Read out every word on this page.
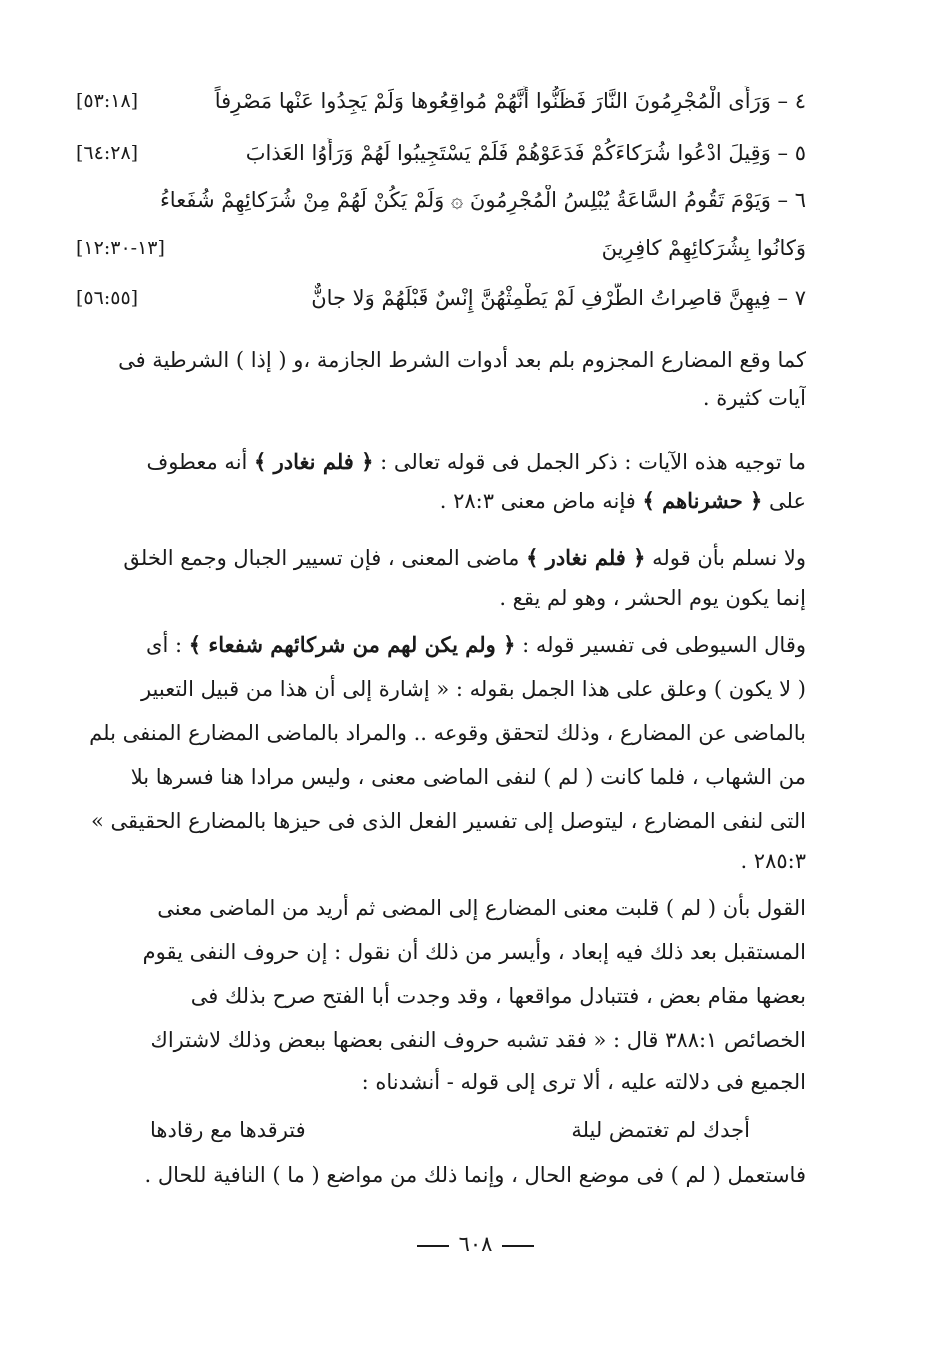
٤ – وَرَأَى الْمُجْرِمُونَ النَّارَ فَظَنُّوا أَنَّهُمْ مُواقِعُوها وَلَمْ يَجِدُوا عَنْها مَصْرِفاً
[٥٣:١٨]
٥ – وَقِيلَ ادْعُوا شُرَكاءَكُمْ فَدَعَوْهُمْ فَلَمْ يَسْتَجِيبُوا لَهُمْ وَرَأَوُا العَذابَ
[٦٤:٢٨]
٦ – وَيَوْمَ تَقُومُ السَّاعَةُ يُبْلِسُ الْمُجْرِمُونَ ۞ وَلَمْ يَكُنْ لَهُمْ مِنْ شُرَكائِهِمْ شُفَعاءُ
وَكانُوا بِشُرَكائِهِمْ كافِرِينَ
[١٣-١٢:٣٠]
٧ – فِيهِنَّ قاصِراتُ الطَّرْفِ لَمْ يَطْمِثْهُنَّ إِنْسٌ قَبْلَهُمْ وَلا جانٌّ
[٥٦:٥٥]
كما وقع المضارع المجزوم بلم بعد أدوات الشرط الجازمة ،و ( إذا ) الشرطية فى
آيات كثيرة .
ما توجيه هذه الآيات : ذكر الجمل فى قوله تعالى : ﴿ فلم نغادر ﴾ أنه معطوف
على ﴿ حشرناهم ﴾ فإنه ماض معنى ٢٨:٣ .
ولا نسلم بأن قوله ﴿ فلم نغادر ﴾ ماضى المعنى ، فإن تسيير الجبال وجمع الخلق
إنما يكون يوم الحشر ، وهو لم يقع .
وقال السيوطى فى تفسير قوله : ﴿ ولم يكن لهم من شركائهم شفعاء ﴾ : أى
( لا يكون ) وعلق على هذا الجمل بقوله : « إشارة إلى أن هذا من قبيل التعبير
بالماضى عن المضارع ، وذلك لتحقق وقوعه .. والمراد بالماضى المضارع المنفى بلم
من الشهاب ، فلما كانت ( لم ) لنفى الماضى معنى ، وليس مرادا هنا فسرها بلا
التى لنفى المضارع ، ليتوصل إلى تفسير الفعل الذى فى حيزها بالمضارع الحقيقى »
٢٨٥:٣ .
القول بأن ( لم ) قلبت معنى المضارع إلى المضى ثم أريد من الماضى معنى
المستقبل بعد ذلك فيه إبعاد ، وأيسر من ذلك أن نقول : إن حروف النفى يقوم
بعضها مقام بعض ، فتتبادل مواقعها ، وقد وجدت أبا الفتح صرح بذلك فى
الخصائص ٣٨٨:١ قال : « فقد تشبه حروف النفى بعضها ببعض وذلك لاشتراك
الجميع فى دلالته عليه ، ألا ترى إلى قوله - أنشدناه :
أجدك لم تغتمض ليلة
فترقدها مع رقادها
فاستعمل ( لم ) فى موضع الحال ، وإنما ذلك من مواضع ( ما ) النافية للحال .
٦٠٨
